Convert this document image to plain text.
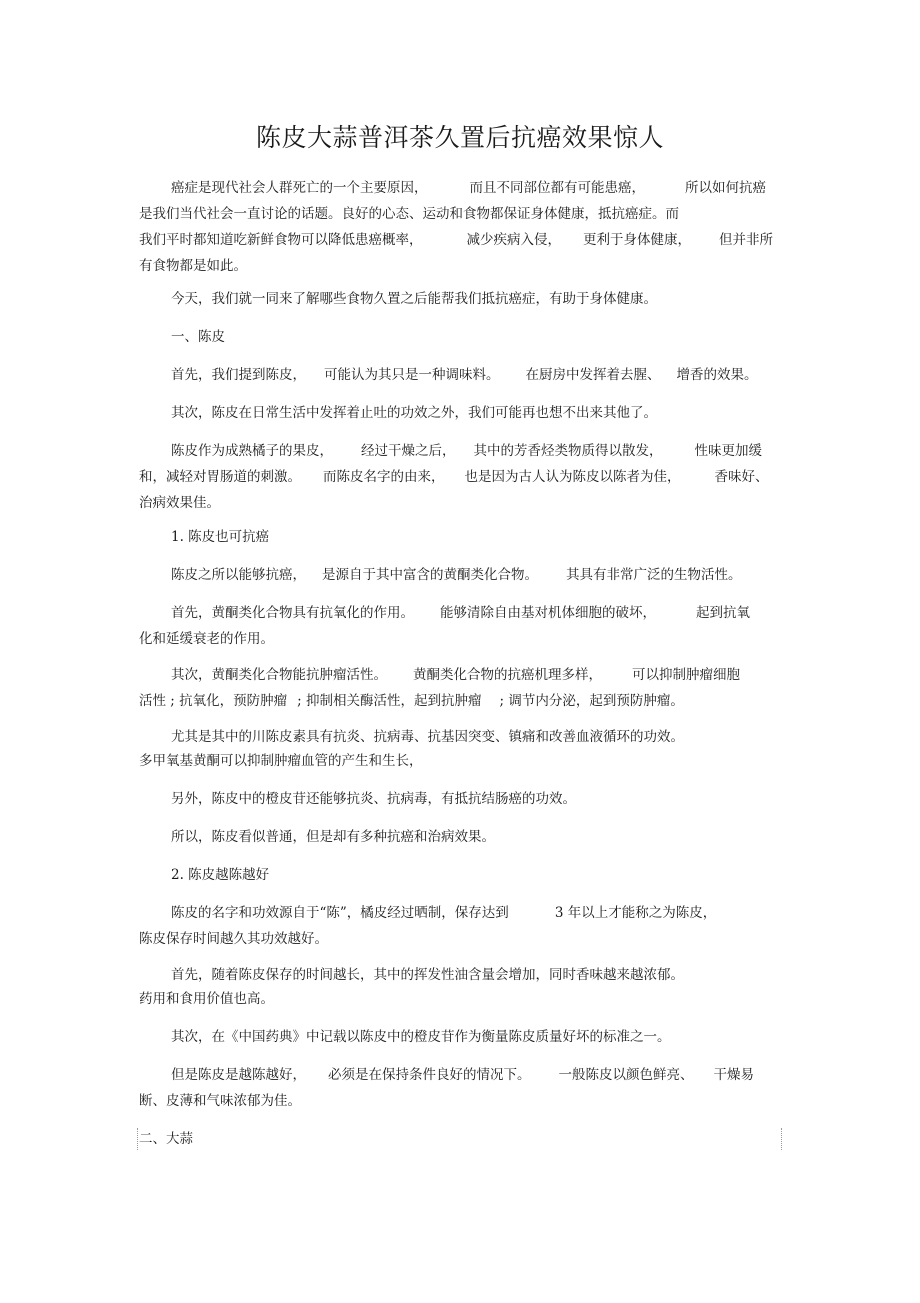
陈皮大蒜普洱茶久置后抗癌效果惊人
癌症是现代社会人群死亡的一个主要原因，	而且不同部位都有可能患癌，	所以如何抗癌
是我们当代社会一直讨论的话题。良好的心态、运动和食物都保证身体健康，抵抗癌症。而
我们平时都知道吃新鲜食物可以降低患癌概率，	减少疾病入侵， 更利于身体健康， 但并非所
有食物都是如此。
今天，我们就一同来了解哪些食物久置之后能帮我们抵抗癌症，有助于身体健康。
一、陈皮
首先，我们提到陈皮， 可能认为其只是一种调味料。 在厨房中发挥着去腥、 增香的效果。
其次，陈皮在日常生活中发挥着止吐的功效之外，我们可能再也想不出来其他了。
陈皮作为成熟橘子的果皮， 经过干燥之后， 其中的芳香烃类物质得以散发， 性味更加缓
和，减轻对胃肠道的刺激。 而陈皮名字的由来， 也是因为古人认为陈皮以陈者为佳，	香味好、
治病效果佳。
1. 陈皮也可抗癌
陈皮之所以能够抗癌， 是源自于其中富含的黄酮类化合物。 其具有非常广泛的生物活性。
首先，黄酮类化合物具有抗氧化的作用。 能够清除自由基对机体细胞的破坏，	起到抗氧
化和延缓衰老的作用。
其次，黄酮类化合物能抗肿瘤活性。 黄酮类化合物的抗癌机理多样， 可以抑制肿瘤细胞
活性 ; 抗氧化，预防肿瘤 ; 抑制相关酶活性，起到抗肿瘤 ; 调节内分泌，起到预防肿瘤。
尤其是其中的川陈皮素具有抗炎、抗病毒、抗基因突变、镇痛和改善血液循环的功效。
多甲氧基黄酮可以抑制肿瘤血管的产生和生长，
另外，陈皮中的橙皮苷还能够抗炎、抗病毒，有抵抗结肠癌的功效。
所以，陈皮看似普通，但是却有多种抗癌和治病效果。
2. 陈皮越陈越好
陈皮的名字和功效源自于“陈”，橘皮经过晒制，保存达到	3 年以上才能称之为陈皮，
陈皮保存时间越久其功效越好。
首先，随着陈皮保存的时间越长，其中的挥发性油含量会增加，同时香味越来越浓郁。
药用和食用价值也高。
其次，在《中国药典》中记载以陈皮中的橙皮苷作为衡量陈皮质量好坏的标准之一。
但是陈皮是越陈越好， 必须是在保持条件良好的情况下。 一般陈皮以颜色鲜亮、 干燥易
断、皮薄和气味浓郁为佳。
二、大蒜
